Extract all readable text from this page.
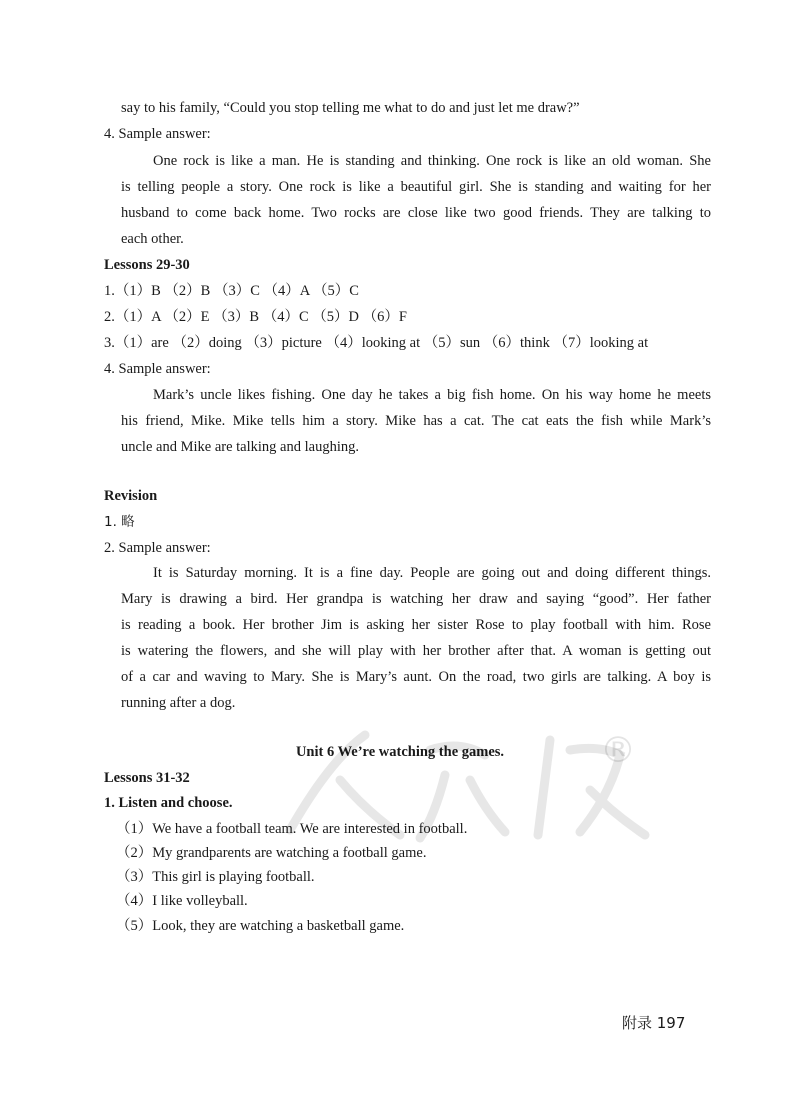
say to his family, “Could you stop telling me what to do and just let me draw?”
4. Sample answer:
One rock is like a man. He is standing and thinking. One rock is like an old woman. She
is telling people a story. One rock is like a beautiful girl. She is standing and waiting for her
husband to come back home. Two rocks are close like two good friends. They are talking to
each other.
Lessons 29-30
1.（1）B （2）B （3）C （4）A （5）C
2.（1）A （2）E （3）B （4）C （5）D （6）F
3.（1）are （2）doing （3）picture （4）looking at （5）sun （6）think （7）looking at
4. Sample answer:
Mark’s uncle likes fishing. One day he takes a big fish home. On his way home he meets
his friend, Mike. Mike tells him a story. Mike has a cat. The cat eats the fish while Mark’s
uncle and Mike are talking and laughing.
Revision
1. 略
2. Sample answer:
It is Saturday morning. It is a fine day. People are going out and doing different things.
Mary is drawing a bird. Her grandpa is watching her draw and saying “good”. Her father
is reading a book. Her brother Jim is asking her sister Rose to play football with him. Rose
is watering the flowers, and she will play with her brother after that. A woman is getting out
of a car and waving to Mary. She is Mary’s aunt. On the road, two girls are talking. A boy is
running after a dog.
Unit 6 We’re watching the games.
Lessons 31-32
1. Listen and choose.
（1）We have a football team. We are interested in football.
（2）My grandparents are watching a football game.
（3）This girl is playing football.
（4）I like volleyball.
（5）Look, they are watching a basketball game.
®
附录 197
